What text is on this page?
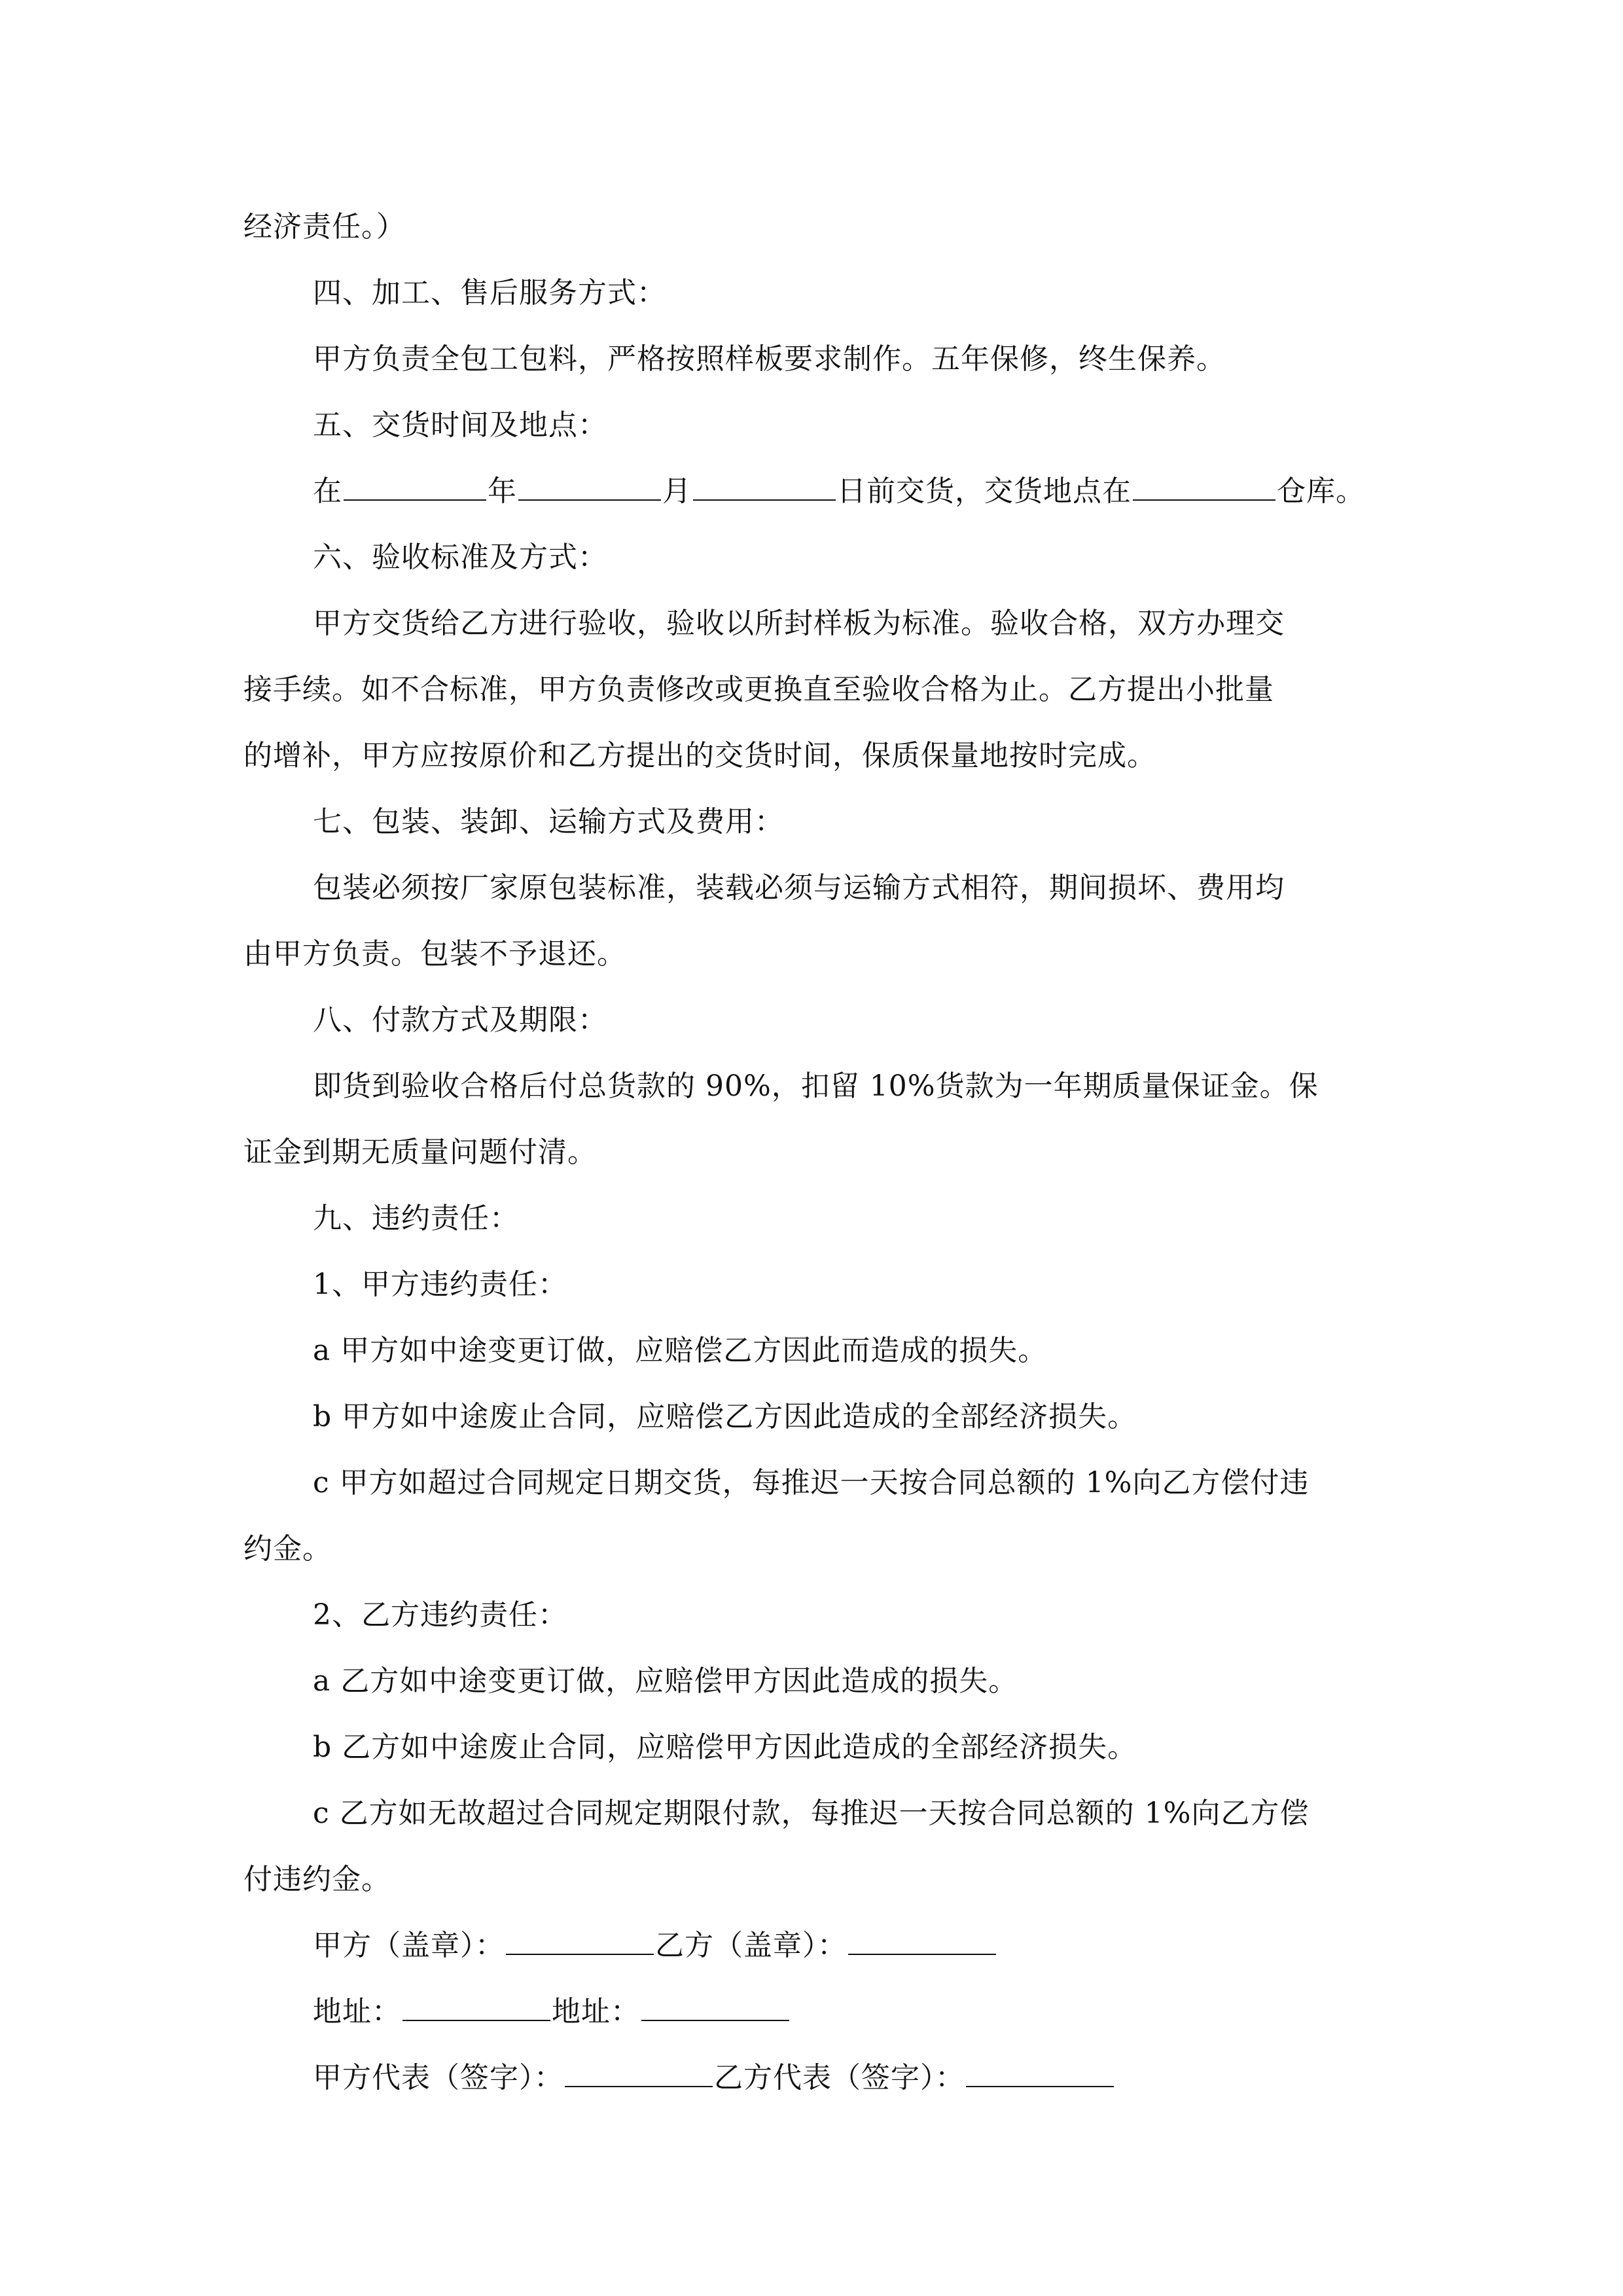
经济责任。）
四、加工、售后服务方式：
甲方负责全包工包料，严格按照样板要求制作。五年保修，终生保养。
五、交货时间及地点：
在	年	月	日前交货，交货地点在	仓库。
六、验收标准及方式：
甲方交货给乙方进行验收，验收以所封样板为标准。验收合格，双方办理交
接手续。如不合标准，甲方负责修改或更换直至验收合格为止。乙方提出小批量
的增补，甲方应按原价和乙方提出的交货时间，保质保量地按时完成。
七、包装、装卸、运输方式及费用：
包装必须按厂家原包装标准，装载必须与运输方式相符，期间损坏、费用均
由甲方负责。包装不予退还。
八、付款方式及期限：
即货到验收合格后付总货款的 90%，扣留 10%货款为一年期质量保证金。保
证金到期无质量问题付清。
九、违约责任：
1、甲方违约责任：
a 甲方如中途变更订做，应赔偿乙方因此而造成的损失。
b 甲方如中途废止合同，应赔偿乙方因此造成的全部经济损失。
c 甲方如超过合同规定日期交货，每推迟一天按合同总额的 1%向乙方偿付违
约金。
2、乙方违约责任：
a 乙方如中途变更订做，应赔偿甲方因此造成的损失。
b 乙方如中途废止合同，应赔偿甲方因此造成的全部经济损失。
c 乙方如无故超过合同规定期限付款，每推迟一天按合同总额的 1%向乙方偿
付违约金。
甲方（盖章）：	乙方（盖章）：
地址：	地址：
甲方代表（签字）：	乙方代表（签字）：
